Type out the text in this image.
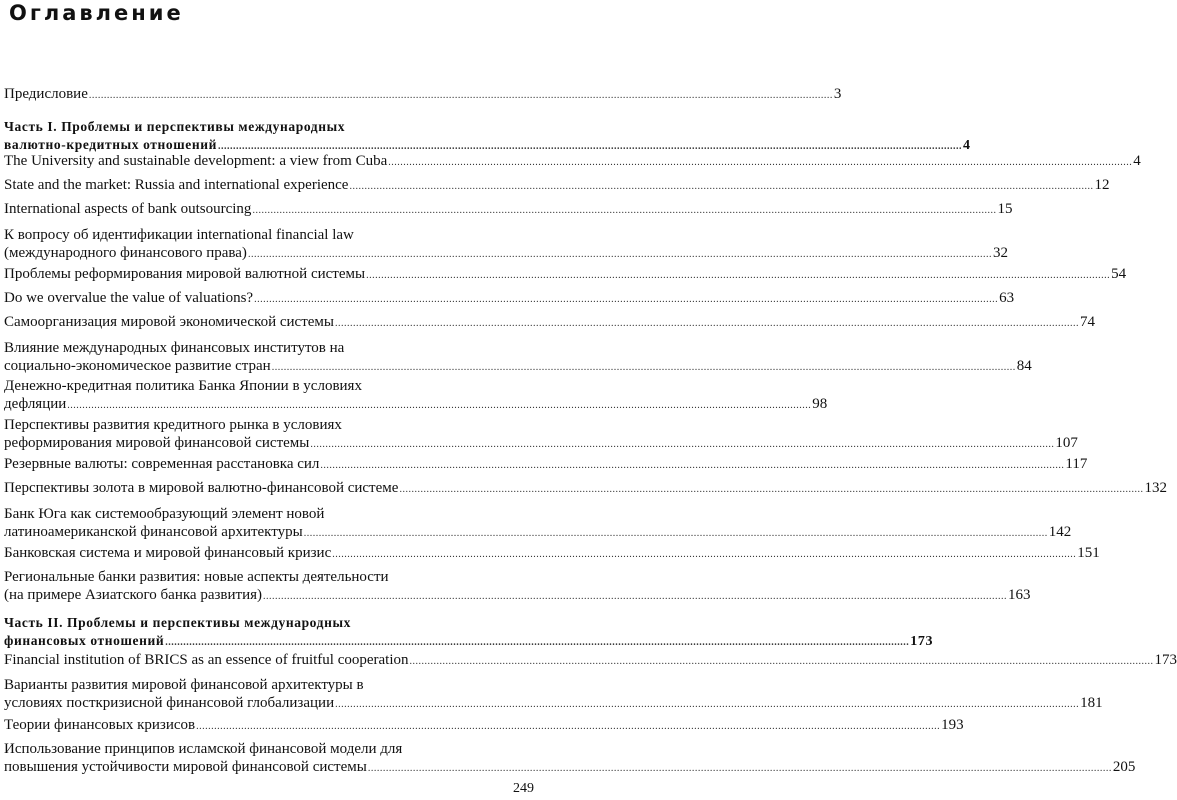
Оглавление
Предисловие .....	3
Часть I. Проблемы и перспективы международных
валютно-кредитных отношений .....	4
The University and sustainable development: a view from Cuba .....	4
State and the market: Russia and international experience .....	12
International aspects of bank outsourcing .....	15
К вопросу об идентификации international financial law
(международного финансового права) .....	32
Проблемы реформирования мировой валютной системы .....	54
Do we overvalue the value of valuations? .....	63
Самоорганизация мировой экономической системы .....	74
Влияние международных финансовых институтов на
социально-экономическое развитие стран .....	84
Денежно-кредитная политика Банка Японии в условиях
дефляции .....	98
Перспективы развития кредитного рынка в условиях
реформирования мировой финансовой системы .....	107
Резервные валюты: современная расстановка сил .....	117
Перспективы золота в мировой валютно-финансовой системе .....	132
Банк Юга как системообразующий элемент новой
латиноамериканской финансовой архитектуры .....	142
Банковская система и мировой финансовый кризис .....	151
Региональные банки развития: новые аспекты деятельности
(на примере Азиатского банка развития) .....	163
Часть II. Проблемы и перспективы международных
финансовых отношений .....	173
Financial institution of BRICS as an essence of fruitful cooperation .....	173
Варианты развития мировой финансовой архитектуры в
условиях посткризисной финансовой глобализации .....	181
Теории финансовых кризисов .....	193
Использование принципов исламской финансовой модели для
повышения устойчивости мировой финансовой системы .....	205
249
